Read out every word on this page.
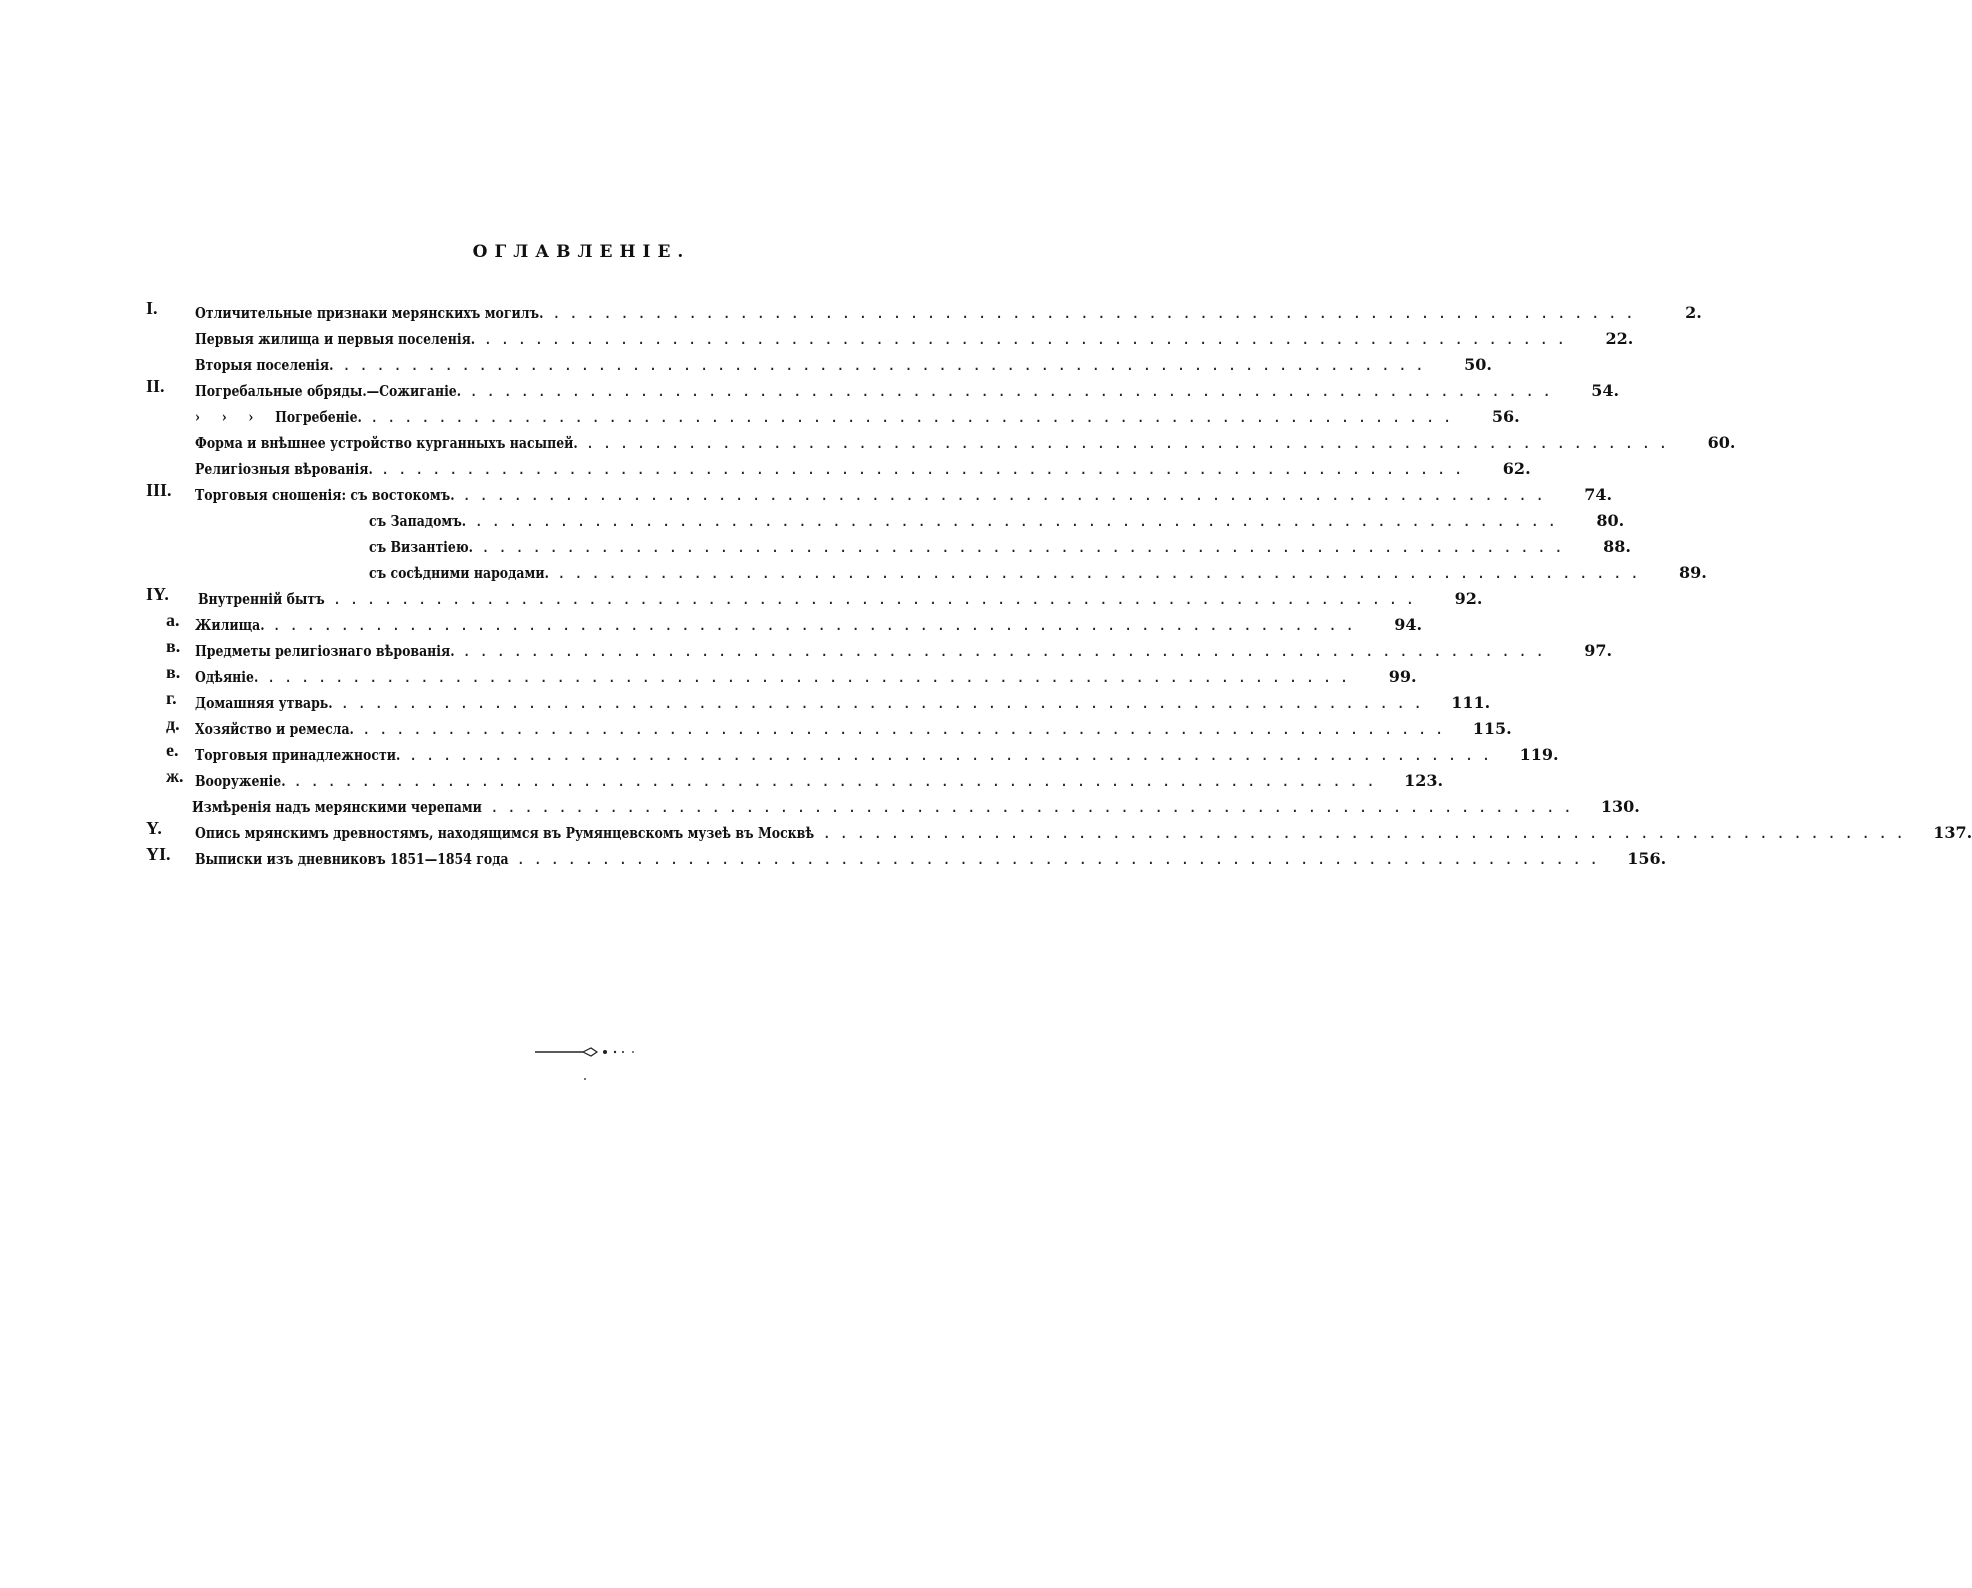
ОГЛАВЛЕНІЕ.
I.	Отличительные признаки мерянскихъ могилъ. ................................................................	2.
Первыя жилища и первыя поселенія. ................................................................	22.
Вторыя поселенія. ................................................................	50.
II. Погребальные обряды.—Сожиганіе. ................................................................	54.
›     ›     ›     Погребеніе. ................................................................	56.
Форма и внѣшнее устройство курганныхъ насыпей. ................................................................	60.
Религіозныя вѣрованія. ................................................................	62.
III. Торговыя сношенія: съ востокомъ. ................................................................	74.
съ Западомъ. ................................................................	80.
съ Византіею. ................................................................	88.
съ сосѣдними народами. ................................................................	89.
IY. Внутренній бытъ ................................................................	92.
а. Жилища. ................................................................	94.
в. Предметы религіознаго вѣрованія. ................................................................	97.
в. Одѣяніе. ................................................................	99.
г. Домашняя утварь. ................................................................	111.
д. Хозяйство и ремесла. ................................................................	115.
е. Торговыя принадлежности. ................................................................	119.
ж. Вооруженіе. ................................................................	123.
Измѣренія надъ мерянскими черепами ................................................................	130.
Y. Опись мрянскимъ древностямъ, находящимся въ Румянцевскомъ музеѣ въ Москвѣ ................................................................	137.
YI. Выписки изъ дневниковъ 1851—1854 года ................................................................	156.
